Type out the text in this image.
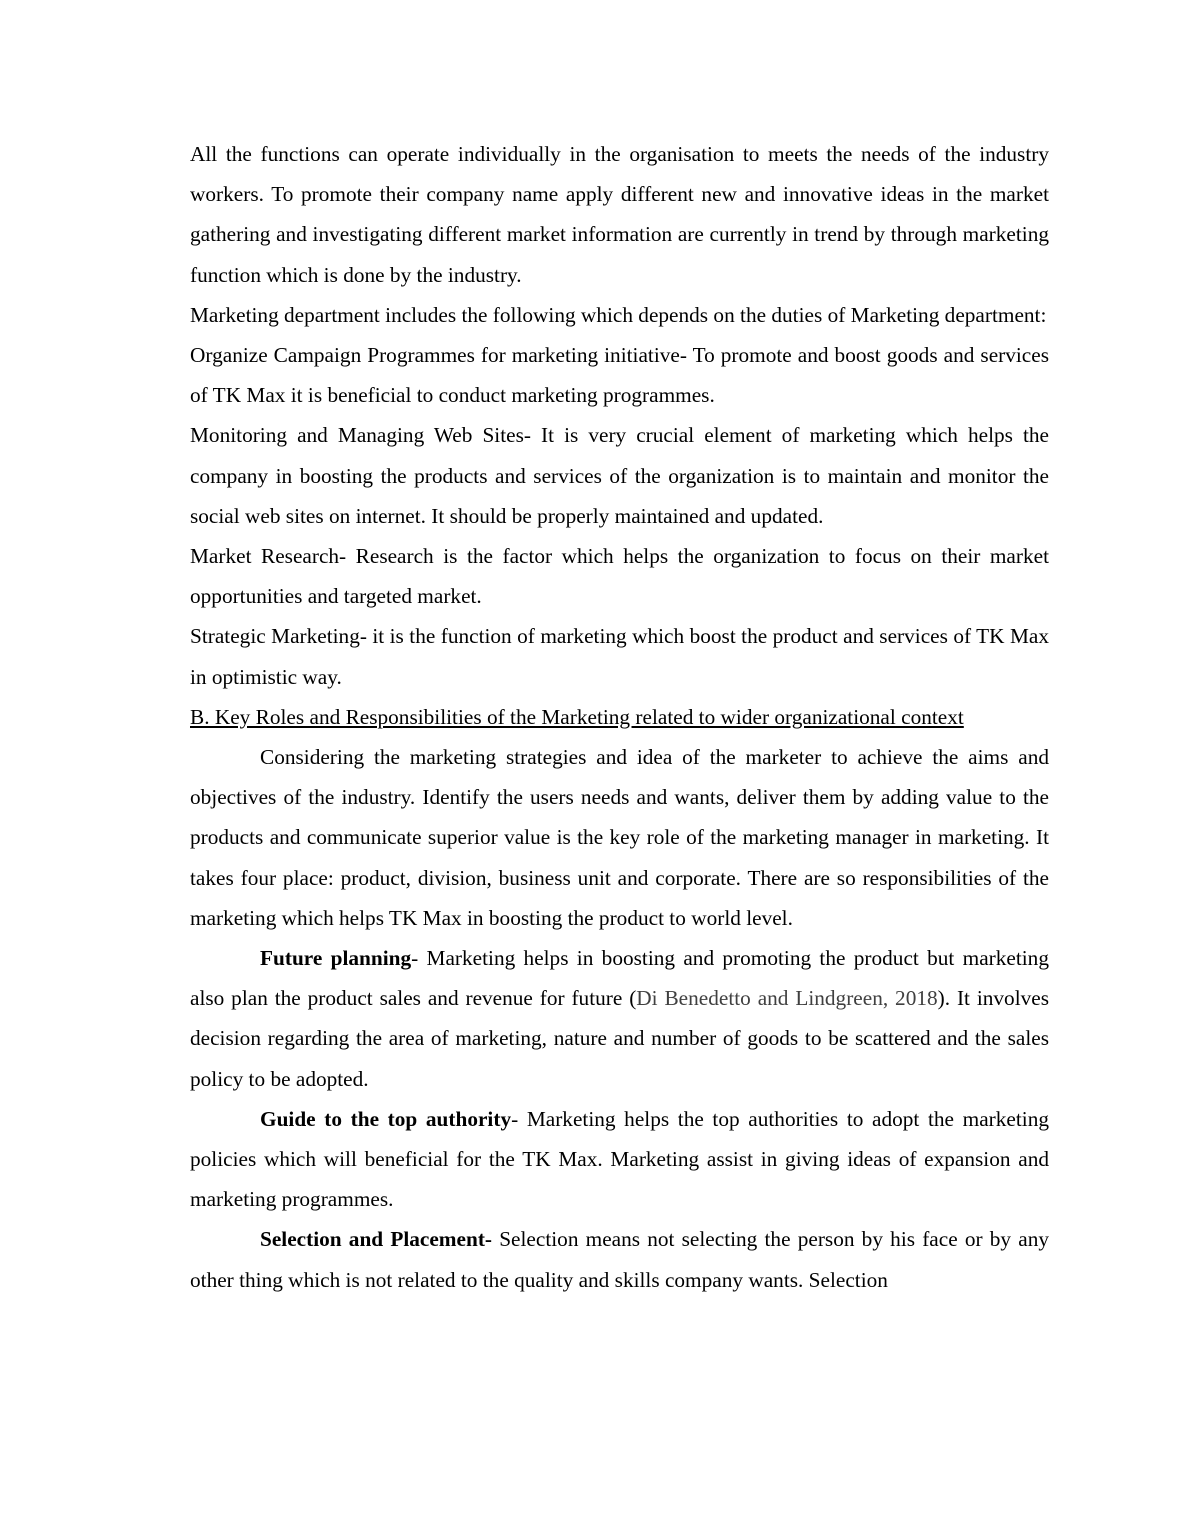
All the functions can operate individually in the organisation to meets the needs of the industry workers. To promote their company name apply different new and innovative ideas in the market gathering and investigating different market information are currently in trend by through marketing function which is done by the industry.

Marketing department includes the following which depends on the duties of Marketing department:

Organize Campaign Programmes for marketing initiative- To promote and boost goods and services of TK Max it is beneficial to conduct marketing programmes.

Monitoring and Managing Web Sites- It is very crucial element of marketing which helps the company in boosting the products and services of the organization is to maintain and monitor the social web sites on internet. It should be properly maintained and updated.

Market Research- Research is the factor which helps the organization to focus on their market opportunities and targeted market.

Strategic Marketing- it is the function of marketing which boost the product and services of TK Max in optimistic way.

B. Key Roles and Responsibilities of the Marketing related to wider organizational context

Considering the marketing strategies and idea of the marketer to achieve the aims and objectives of the industry. Identify the users needs and wants, deliver them by adding value to the products and communicate superior value is the key role of the marketing manager in marketing. It takes four place: product, division, business unit and corporate. There are so responsibilities of the marketing which helps TK Max in boosting the product to world level.

Future planning- Marketing helps in boosting and promoting the product but marketing also plan the product sales and revenue for future (Di Benedetto and Lindgreen, 2018). It involves decision regarding the area of marketing, nature and number of goods to be scattered and the sales policy to be adopted.

Guide to the top authority- Marketing helps the top authorities to adopt the marketing policies which will beneficial for the TK Max. Marketing assist in giving ideas of expansion and   marketing programmes.

Selection and Placement- Selection means not selecting the person by his face or by any other thing which is not related to the quality and skills company wants. Selection
